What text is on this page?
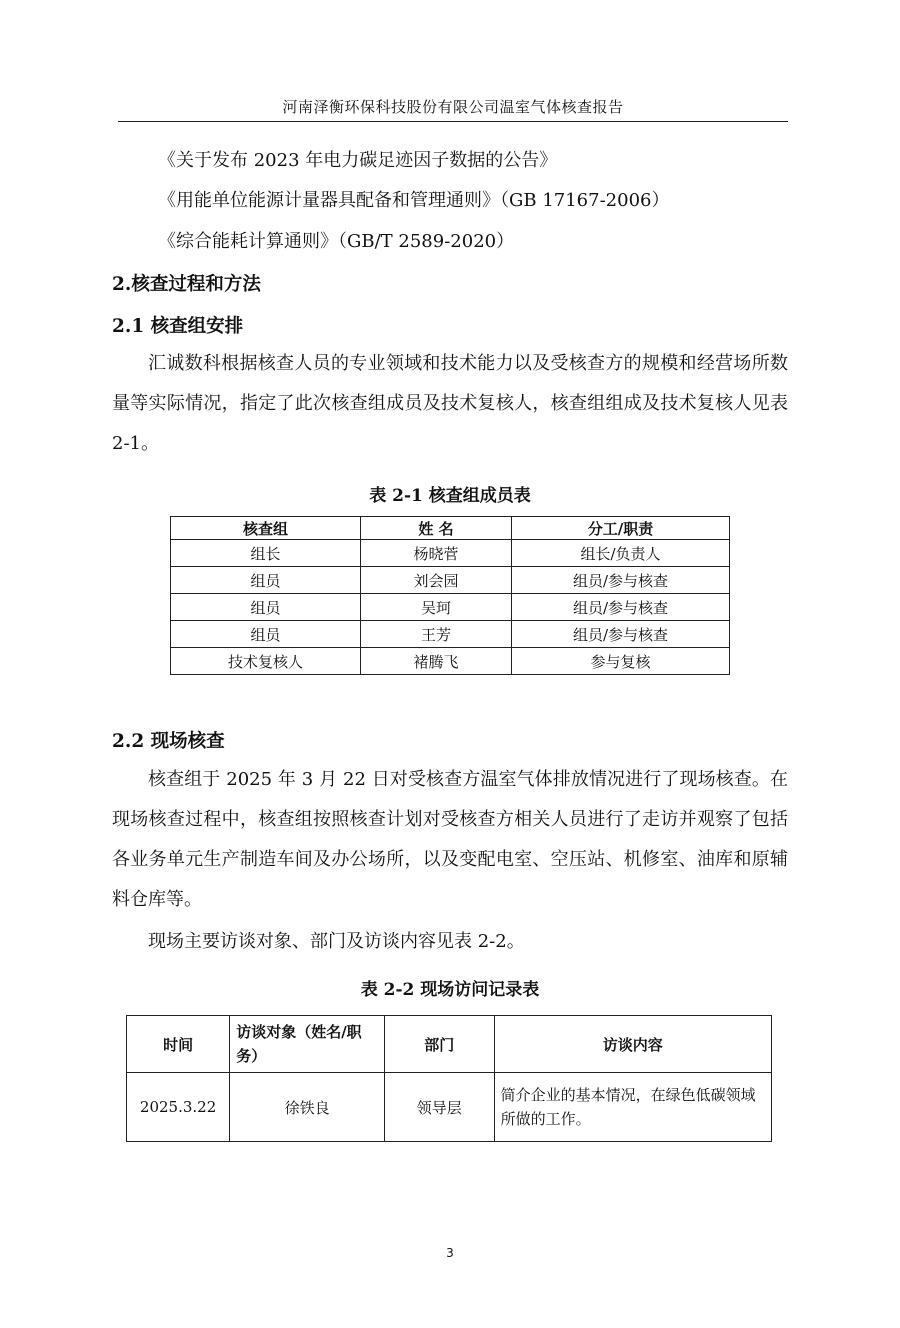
河南泽衡环保科技股份有限公司温室气体核查报告
《关于发布 2023 年电力碳足迹因子数据的公告》
《用能单位能源计量器具配备和管理通则》（GB 17167-2006）
《综合能耗计算通则》（GB/T 2589-2020）
2.核查过程和方法
2.1 核查组安排
汇诚数科根据核查人员的专业领域和技术能力以及受核查方的规模和经营场所数量等实际情况，指定了此次核查组成员及技术复核人，核查组组成及技术复核人见表 2-1。
表 2-1 核查组成员表
核查组	姓 名	分工/职责
组长	杨晓菅	组长/负责人
组员	刘会园	组员/参与核查
组员	吴珂	组员/参与核查
组员	王芳	组员/参与核查
技术复核人	褚腾飞	参与复核
2.2 现场核查
核查组于 2025 年 3 月 22 日对受核查方温室气体排放情况进行了现场核查。在现场核查过程中，核查组按照核查计划对受核查方相关人员进行了走访并观察了包括各业务单元生产制造车间及办公场所，以及变配电室、空压站、机修室、油库和原辅料仓库等。
现场主要访谈对象、部门及访谈内容见表 2-2。
表 2-2 现场访问记录表
时间	访谈对象（姓名/职务）	部门	访谈内容
2025.3.22	徐铁良	领导层	简介企业的基本情况，在绿色低碳领域所做的工作。
3
